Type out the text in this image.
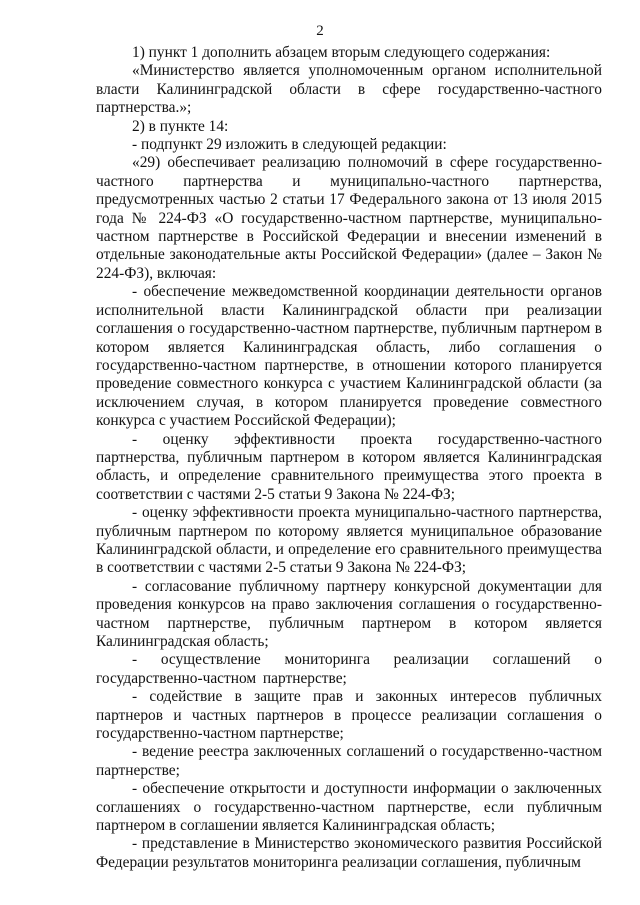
2

1) пункт 1 дополнить абзацем вторым следующего содержания:

«Министерство является уполномоченным органом исполнительной власти Калининградской области в сфере государственно-частного партнерства.»;

2) в пункте 14:

- подпункт 29 изложить в следующей редакции:

«29) обеспечивает реализацию полномочий в сфере государственно-частного партнерства и муниципально-частного партнерства, предусмотренных частью 2 статьи 17 Федерального закона от 13 июля 2015 года № 224-ФЗ «О государственно-частном партнерстве, муниципально-частном партнерстве в Российской Федерации и внесении изменений в отдельные законодательные акты Российской Федерации» (далее – Закон № 224-ФЗ), включая:

- обеспечение межведомственной координации деятельности органов исполнительной власти Калининградской области при реализации соглашения о государственно-частном партнерстве, публичным партнером в котором является Калининградская область, либо соглашения о государственно-частном партнерстве, в отношении которого планируется проведение совместного конкурса с участием Калининградской области (за исключением случая, в котором планируется проведение совместного конкурса с участием Российской Федерации);

- оценку эффективности проекта государственно-частного партнерства, публичным партнером в котором является Калининградская область, и определение сравнительного преимущества этого проекта в соответствии с частями 2-5 статьи 9 Закона № 224-ФЗ;

- оценку эффективности проекта муниципально-частного партнерства, публичным партнером по которому является муниципальное образование Калининградской области, и определение его сравнительного преимущества в соответствии с частями 2-5 статьи 9 Закона № 224-ФЗ;

- согласование публичному партнеру конкурсной документации для проведения конкурсов на право заключения соглашения о государственно-частном партнерстве, публичным партнером в котором является Калининградская область;

- осуществление мониторинга реализации соглашений о государственно-частном партнерстве;

- содействие в защите прав и законных интересов публичных партнеров и частных партнеров в процессе реализации соглашения о государственно-частном партнерстве;

- ведение реестра заключенных соглашений о государственно-частном партнерстве;

- обеспечение открытости и доступности информации о заключенных соглашениях о государственно-частном партнерстве, если публичным партнером в соглашении является Калининградская область;

- представление в Министерство экономического развития Российской Федерации результатов мониторинга реализации соглашения, публичным
